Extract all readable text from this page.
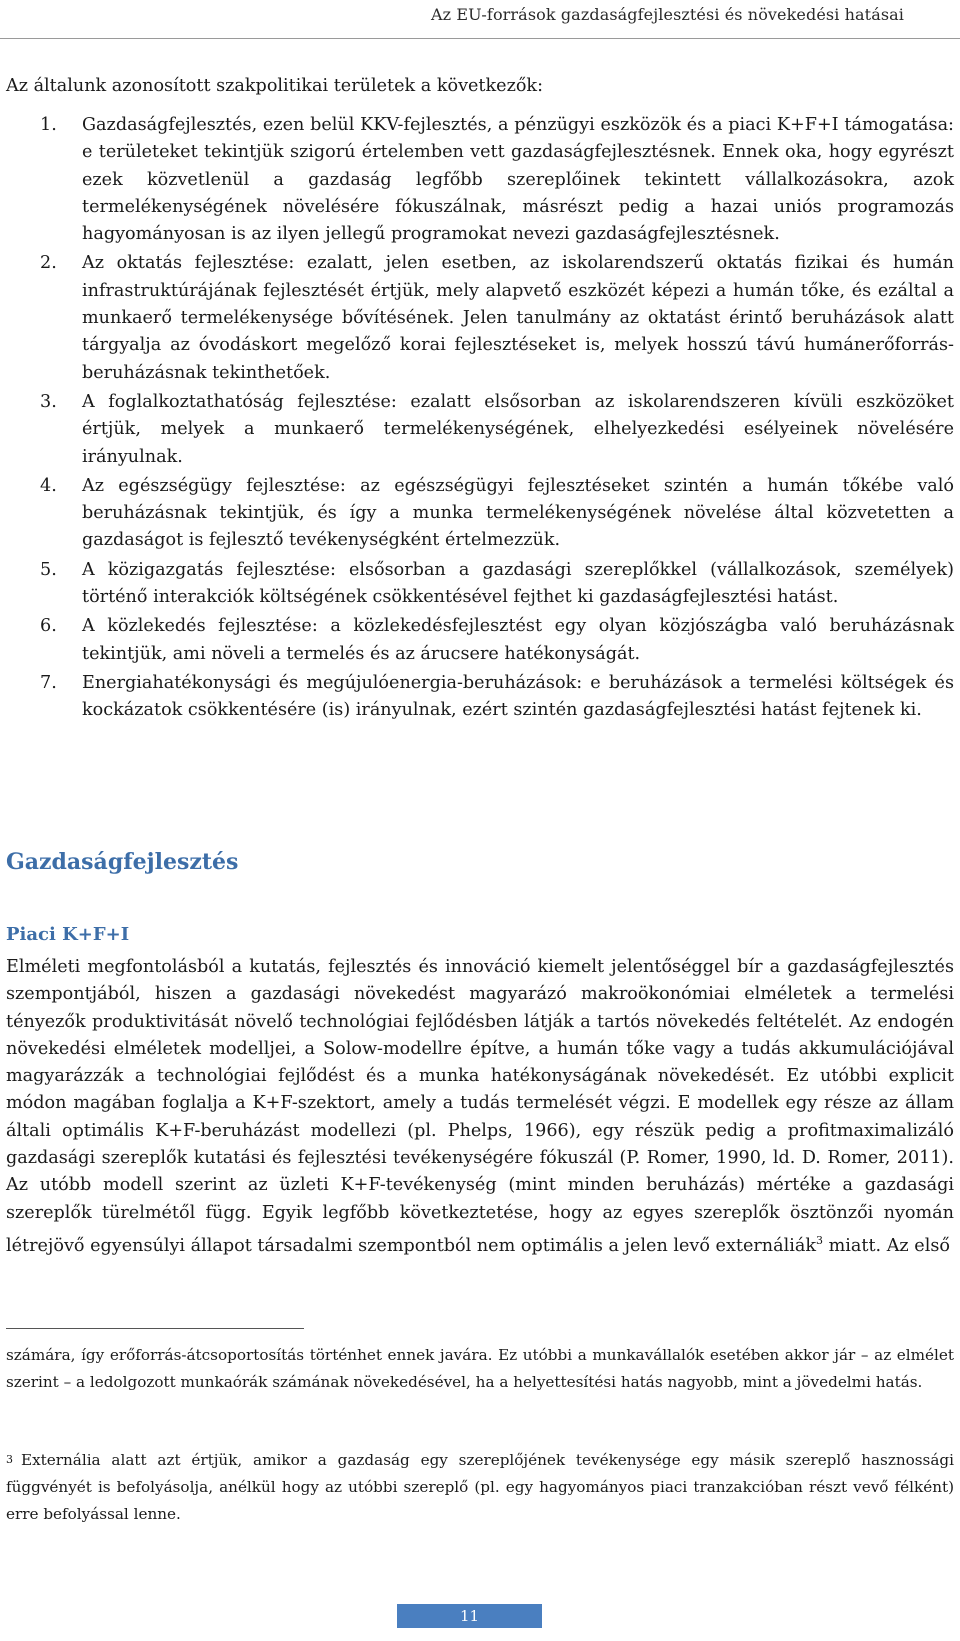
Az EU-források gazdaságfejlesztési és növekedési hatásai

Az általunk azonosított szakpolitikai területek a következők:

1. Gazdaságfejlesztés, ezen belül KKV-fejlesztés, a pénzügyi eszközök és a piaci K+F+I támogatása: e területeket tekintjük szigorú értelemben vett gazdaságfejlesztésnek. Ennek oka, hogy egyrészt ezek közvetlenül a gazdaság legfőbb szereplőinek tekintett vállalkozásokra, azok termelékenységének növelésére fókuszálnak, másrészt pedig a hazai uniós programozás hagyományosan is az ilyen jellegű programokat nevezi gazdaságfejlesztésnek.
2. Az oktatás fejlesztése: ezalatt, jelen esetben, az iskolarendszerű oktatás fizikai és humán infrastruktúrájának fejlesztését értjük, mely alapvető eszközét képezi a humán tőke, és ezáltal a munkaerő termelékenysége bővítésének. Jelen tanulmány az oktatást érintő beruházások alatt tárgyalja az óvodáskort megelőző korai fejlesztéseket is, melyek hosszú távú humánerőforrás-beruházásnak tekinthetőek.
3. A foglalkoztathatóság fejlesztése: ezalatt elsősorban az iskolarendszeren kívüli eszközöket értjük, melyek a munkaerő termelékenységének, elhelyezkedési esélyeinek növelésére irányulnak.
4. Az egészségügy fejlesztése: az egészségügyi fejlesztéseket szintén a humán tőkébe való beruházásnak tekintjük, és így a munka termelékenységének növelése által közvetetten a gazdaságot is fejlesztő tevékenységként értelmezzük.
5. A közigazgatás fejlesztése: elsősorban a gazdasági szereplőkkel (vállalkozások, személyek) történő interakciók költségének csökkentésével fejthet ki gazdaságfejlesztési hatást.
6. A közlekedés fejlesztése: a közlekedésfejlesztést egy olyan közjószágba való beruházásnak tekintjük, ami növeli a termelés és az árucsere hatékonyságát.
7. Energiahatékonysági és megújulóenergia-beruházások: e beruházások a termelési költségek és kockázatok csökkentésére (is) irányulnak, ezért szintén gazdaságfejlesztési hatást fejtenek ki.
Gazdaságfejlesztés
Piaci K+F+I

Elméleti megfontolásból a kutatás, fejlesztés és innováció kiemelt jelentőséggel bír a gazdaságfejlesztés szempontjából, hiszen a gazdasági növekedést magyarázó makroökonómiai elméletek a termelési tényezők produktivitását növelő technológiai fejlődésben látják a tartós növekedés feltételét. Az endogén növekedési elméletek modelljei, a Solow-modellre építve, a humán tőke vagy a tudás akkumulációjával magyarázzák a technológiai fejlődést és a munka hatékonyságának növekedését. Ez utóbbi explicit módon magában foglalja a K+F-szektort, amely a tudás termelését végzi. E modellek egy része az állam általi optimális K+F-beruházást modellezi (pl. Phelps, 1966), egy részük pedig a profitmaximalizáló gazdasági szereplők kutatási és fejlesztési tevékenységére fókuszál (P. Romer, 1990, ld. D. Romer, 2011). Az utóbb modell szerint az üzleti K+F-tevékenység (mint minden beruházás) mértéke a gazdasági szereplők türelmétől függ. Egyik legfőbb következtetése, hogy az egyes szereplők ösztönzői nyomán létrejövő egyensúlyi állapot társadalmi szempontból nem optimális a jelen levő externáliák$^3$ miatt. Az első

számára, így erőforrás-átcsoportosítás történhet ennek javára. Ez utóbbi a munkavállalók esetében akkor jár – az elmélet szerint – a ledolgozott munkaórák számának növekedésével, ha a helyettesítési hatás nagyobb, mint a jövedelmi hatás.

$^3$ Externália alatt azt értjük, amikor a gazdaság egy szereplőjének tevékenysége egy másik szereplő hasznossági függvényét is befolyásolja, anélkül hogy az utóbbi szereplő (pl. egy hagyományos piaci tranzakcióban részt vevő félként) erre befolyással lenne.

11
